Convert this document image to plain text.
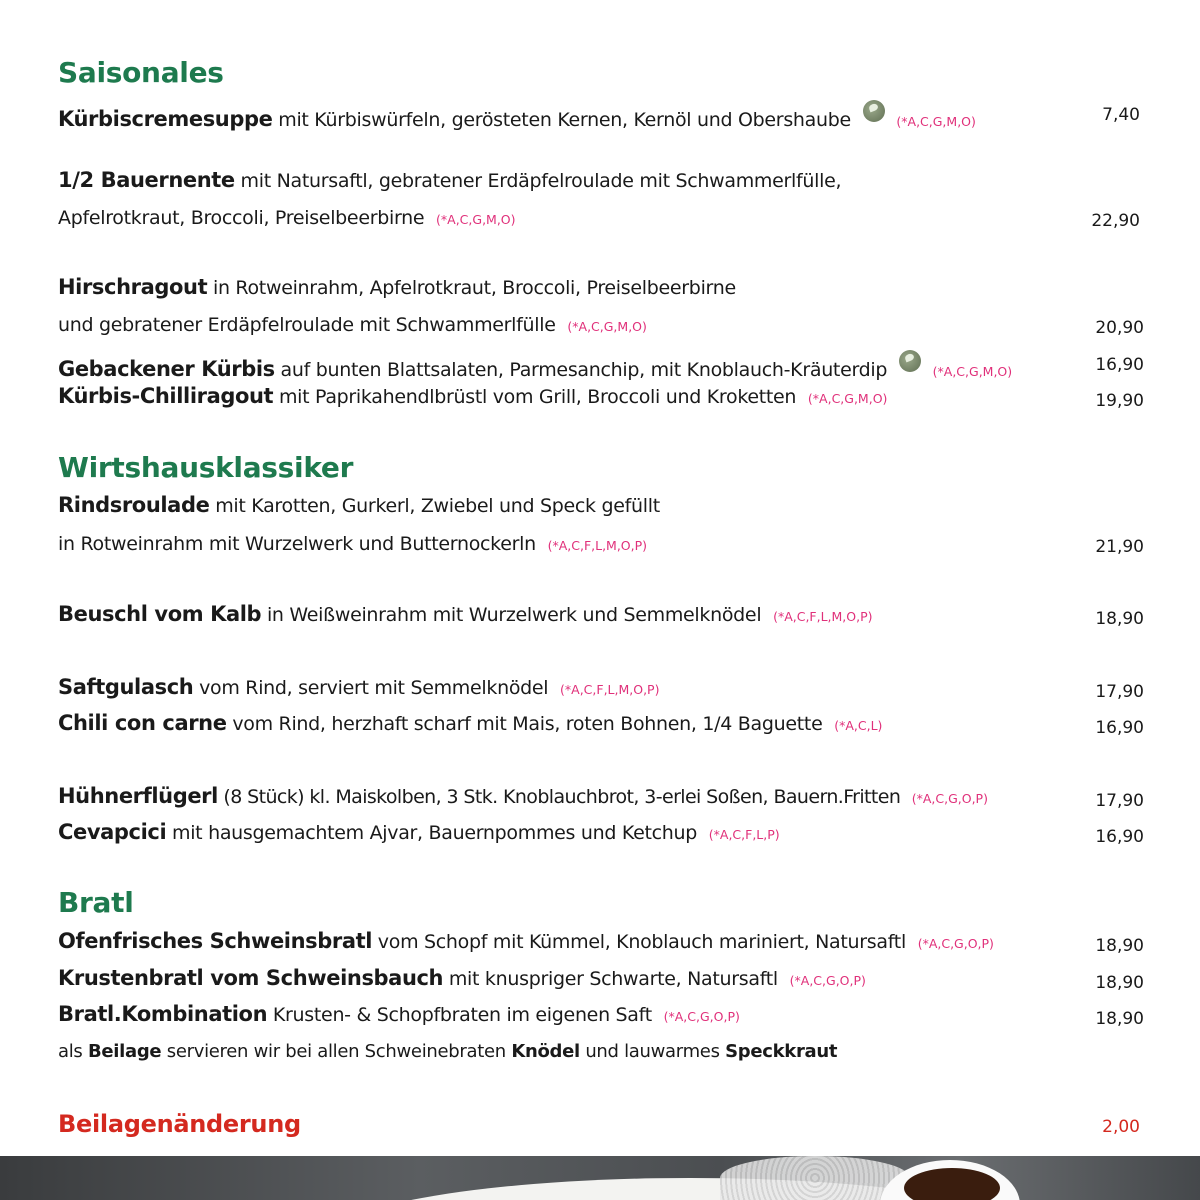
Saisonales
Kürbiscremesuppe mit Kürbiswürfeln, gerösteten Kernen, Kernöl und Obershaube	(*A,C,G,M,O)	7,40
1/2 Bauernente mit Natursaftl, gebratener Erdäpfelroulade mit Schwammerlfülle,
Apfelrotkraut, Broccoli, Preiselbeerbirne (*A,C,G,M,O)	22,90
Hirschragout in Rotweinrahm, Apfelrotkraut, Broccoli, Preiselbeerbirne
und gebratener Erdäpfelroulade mit Schwammerlfülle (*A,C,G,M,O)	20,90
Gebackener Kürbis auf bunten Blattsalaten, Parmesanchip, mit Knoblauch-Kräuterdip	(*A,C,G,M,O)	16,90
Kürbis-Chilliragout mit Paprikahendlbrüstl vom Grill, Broccoli und Kroketten (*A,C,G,M,O)	19,90
Wirtshausklassiker
Rindsroulade mit Karotten, Gurkerl, Zwiebel und Speck gefüllt
in Rotweinrahm mit Wurzelwerk und Butternockerln (*A,C,F,L,M,O,P)	21,90
Beuschl vom Kalb in Weißweinrahm mit Wurzelwerk und Semmelknödel (*A,C,F,L,M,O,P)	18,90
Saftgulasch vom Rind, serviert mit Semmelknödel (*A,C,F,L,M,O,P)	17,90
Chili con carne vom Rind, herzhaft scharf mit Mais, roten Bohnen, 1/4 Baguette (*A,C,L)	16,90
Hühnerflügerl (8 Stück) kl. Maiskolben, 3 Stk. Knoblauchbrot, 3-erlei Soßen, Bauern.Fritten (*A,C,G,O,P)	17,90
Cevapcici mit hausgemachtem Ajvar, Bauernpommes und Ketchup (*A,C,F,L,P)	16,90
Bratl
Ofenfrisches Schweinsbratl vom Schopf mit Kümmel, Knoblauch mariniert, Natursaftl (*A,C,G,O,P)	18,90
Krustenbratl vom Schweinsbauch mit knuspriger Schwarte, Natursaftl (*A,C,G,O,P)	18,90
Bratl.Kombination Krusten- & Schopfbraten im eigenen Saft (*A,C,G,O,P)	18,90
als Beilage servieren wir bei allen Schweinebraten Knödel und lauwarmes Speckkraut
Beilagenänderung	2,00
